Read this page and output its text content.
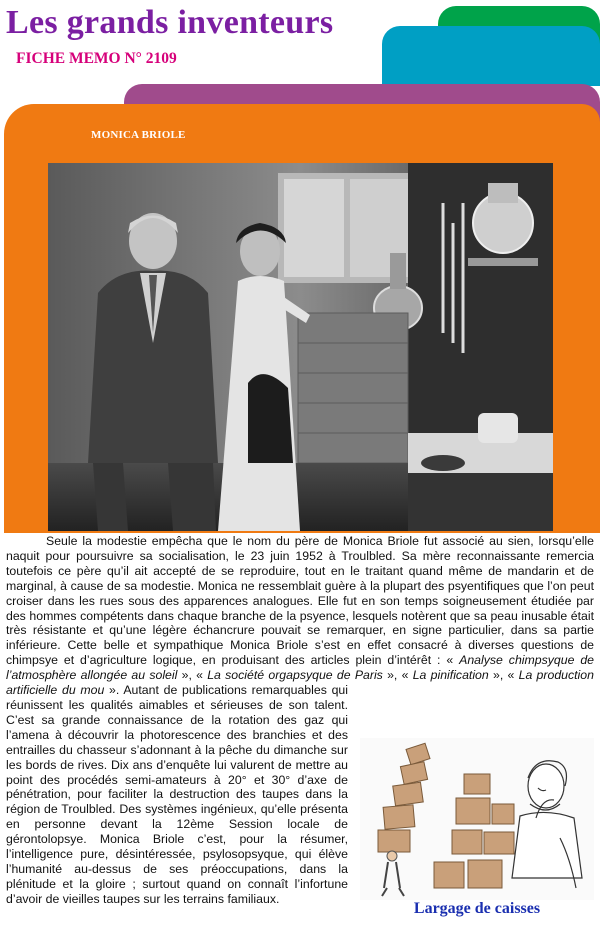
Les grands inventeurs
FICHE MEMO N° 2109
MONICA BRIOLE

Seule la modestie empêcha que le nom du père de Monica Briole fut associé au sien, lorsqu’elle naquit pour poursuivre sa socialisation, le 23 juin 1952 à Troulbled. Sa mère reconnaissante remercia toutefois ce père qu’il ait accepté de se reproduire, tout en le traitant quand même de mandarin et de marginal, à cause de sa modestie. Monica ne ressemblait guère à la plupart des psyentifiques que l’on peut croiser dans les rues sous des apparences analogues. Elle fut en son temps soigneusement étudiée par des hommes compétents dans chaque branche de la psyence, lesquels notèrent que sa peau inusable était très résistante et qu’une légère échancrure pouvait se remarquer, en signe particulier, dans sa partie inférieure. Cette belle et sympathique Monica Briole s’est en effet consacré à diverses questions de chimpsye et d’agriculture logique, en produisant des articles plein d’intérêt : « Analyse chimpsyque de l’atmosphère allongée au soleil », « La société orgapsyque de Paris », « La pinification », « La production artificielle du mou
». Autant de publications remarquables qui réunissent les qualités aimables et sérieuses de son talent. C’est sa grande connaissance de la rotation des gaz qui l’amena à découvrir la photorescence des branchies et des entrailles du chasseur s’adonnant à la pêche du dimanche sur les bords de rives. Dix ans d’enquête lui valurent de mettre au point des procédés semi-amateurs à 20° et 30° d’axe de pénétration, pour faciliter la destruction des taupes dans la région de Troulbled. Des systèmes ingénieux, qu’elle présenta en personne devant la 12ème Session locale de gérontolopsye. Monica Briole c’est, pour la résumer, l’intelligence pure, désintéressée, psylosopsyque, qui élève l’humanité au-dessus de ses préoccupations, dans la plénitude et la gloire ; surtout quand on connaît l’infortune d’avoir de vieilles taupes sur les terrains familiaux.

Largage de caisses
